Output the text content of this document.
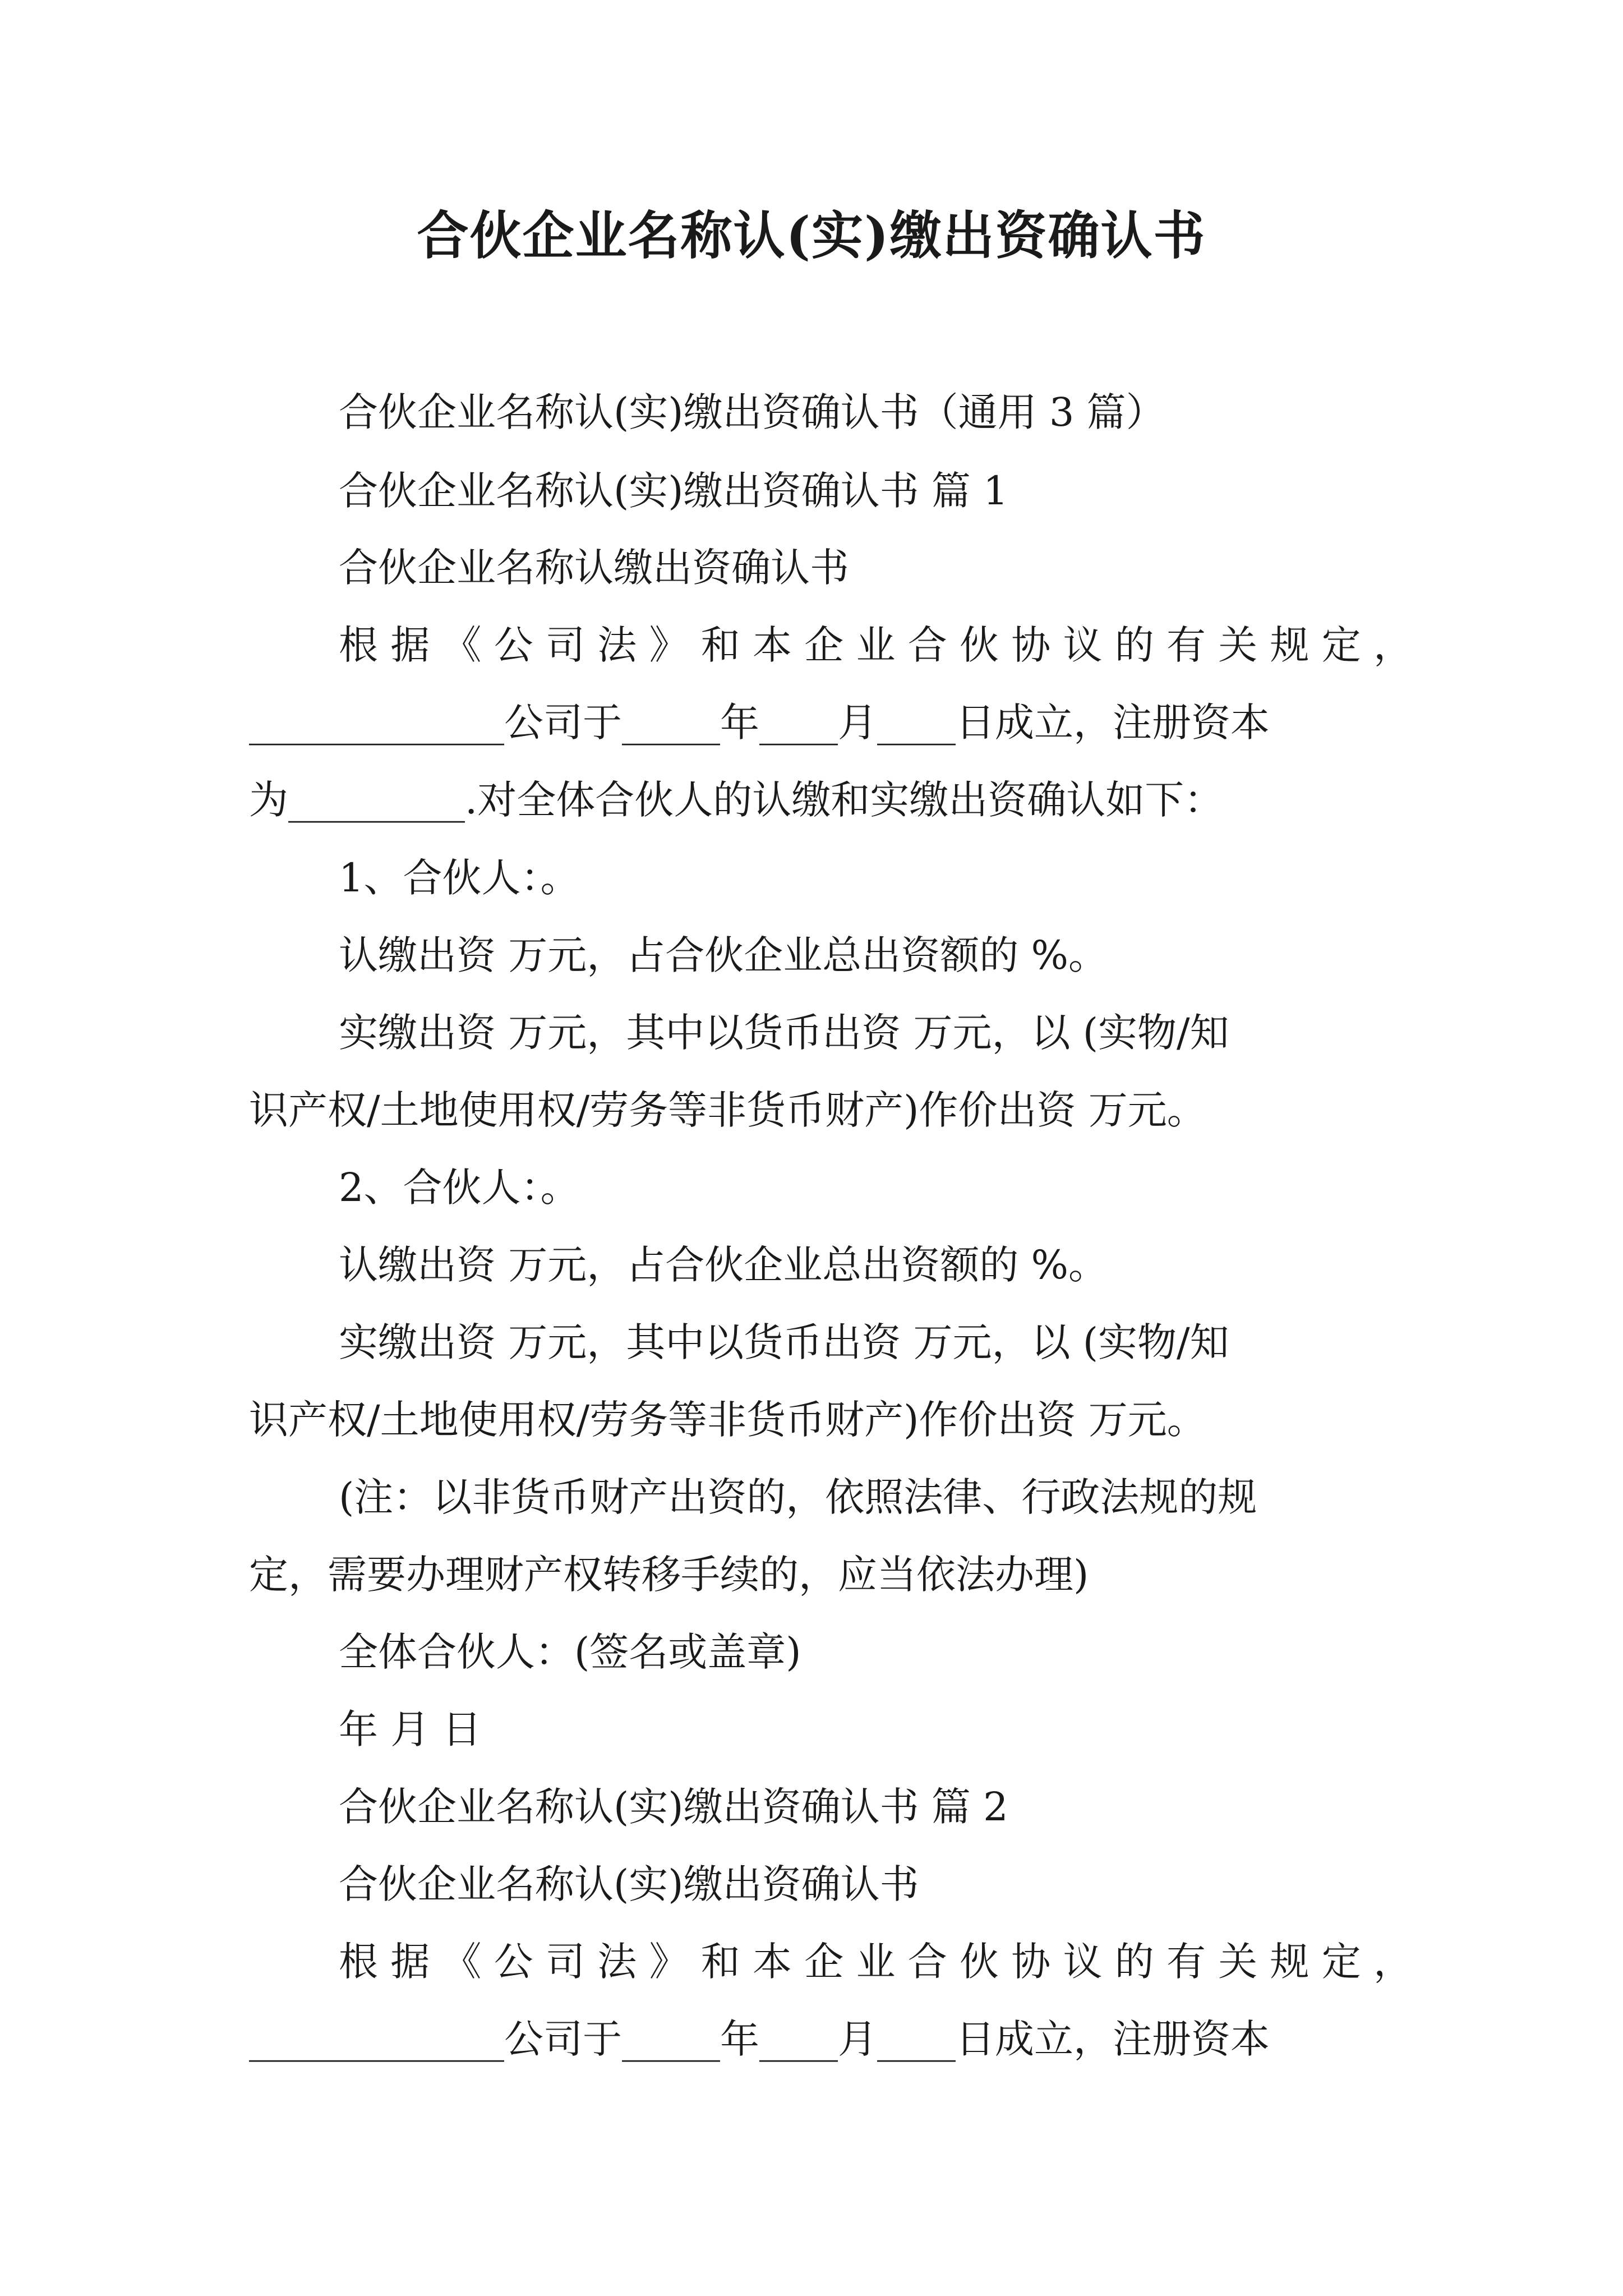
合伙企业名称认(实)缴出资确认书
合伙企业名称认(实)缴出资确认书（通用 3 篇）
合伙企业名称认(实)缴出资确认书 篇 1
合伙企业名称认缴出资确认书
根 据 《 公 司 法 》 和 本 企 业 合 伙 协 议 的 有 关 规 定 ，
_____________公司于_____年____月____日成立，注册资本
为_________.对全体合伙人的认缴和实缴出资确认如下：
1、合伙人：。
认缴出资 万元，占合伙企业总出资额的 %。
实缴出资 万元，其中以货币出资 万元，以 (实物/知
识产权/土地使用权/劳务等非货币财产)作价出资 万元。
2、合伙人：。
认缴出资 万元，占合伙企业总出资额的 %。
实缴出资 万元，其中以货币出资 万元，以 (实物/知
识产权/土地使用权/劳务等非货币财产)作价出资 万元。
(注：以非货币财产出资的，依照法律、行政法规的规
定，需要办理财产权转移手续的，应当依法办理)
全体合伙人：(签名或盖章)
年 月 日
合伙企业名称认(实)缴出资确认书 篇 2
合伙企业名称认(实)缴出资确认书
根 据 《 公 司 法 》 和 本 企 业 合 伙 协 议 的 有 关 规 定 ，
_____________公司于_____年____月____日成立，注册资本
